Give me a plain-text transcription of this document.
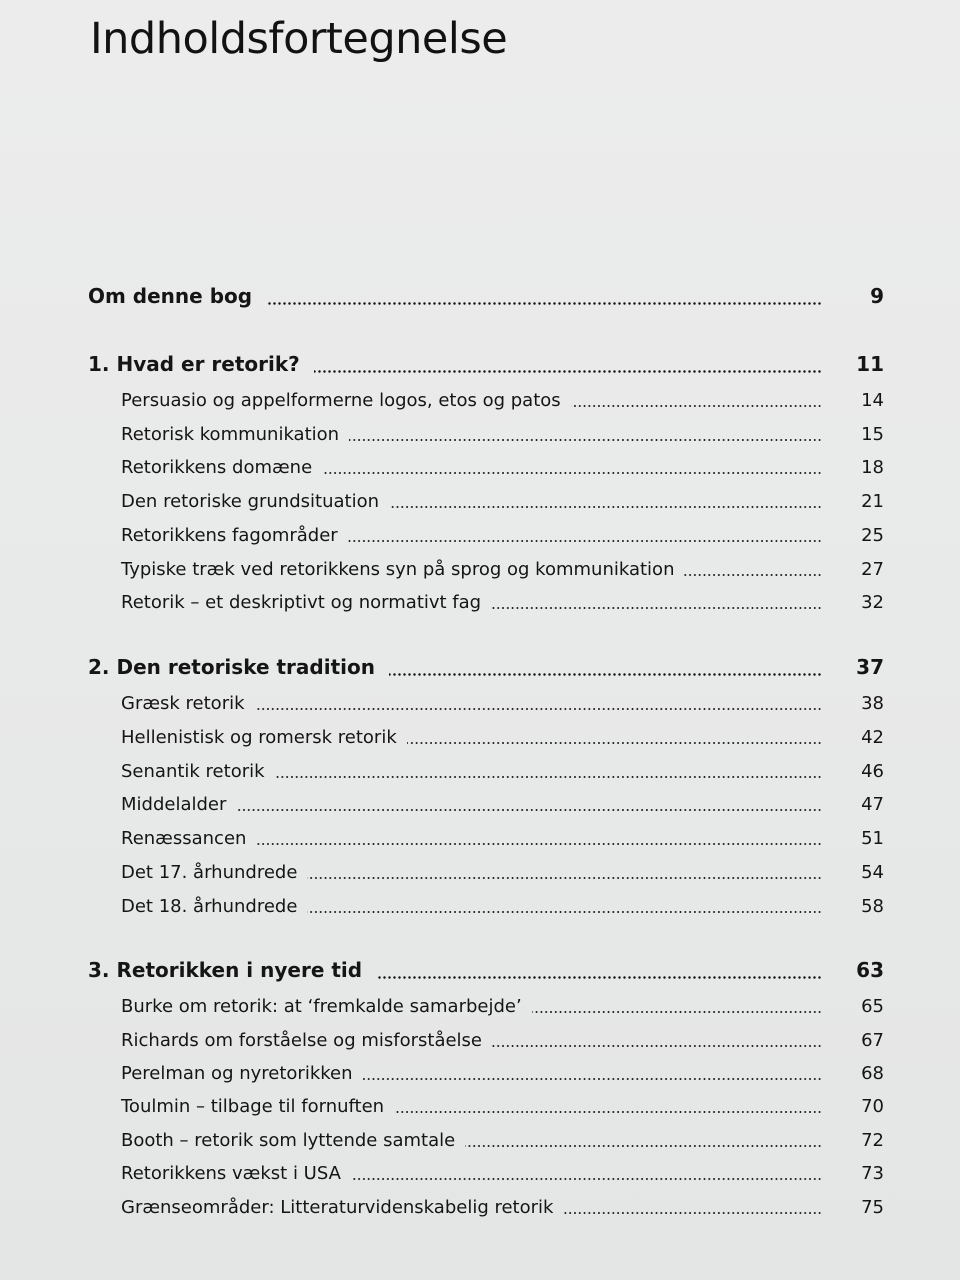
Indholdsfortegnelse
Om denne bog	9
1. Hvad er retorik?	11
Persuasio og appelformerne logos, etos og patos	14
Retorisk kommunikation	15
Retorikkens domæne	18
Den retoriske grundsituation	21
Retorikkens fagområder	25
Typiske træk ved retorikkens syn på sprog og kommunikation	27
Retorik – et deskriptivt og normativt fag	32
2. Den retoriske tradition	37
Græsk retorik	38
Hellenistisk og romersk retorik	42
Senantik retorik	46
Middelalder	47
Renæssancen	51
Det 17. århundrede	54
Det 18. århundrede	58
3. Retorikken i nyere tid	63
Burke om retorik: at ‘fremkalde samarbejde’	65
Richards om forståelse og misforståelse	67
Perelman og nyretorikken	68
Toulmin – tilbage til fornuften	70
Booth – retorik som lyttende samtale	72
Retorikkens vækst i USA	73
Grænseområder: Litteraturvidenskabelig retorik	75
